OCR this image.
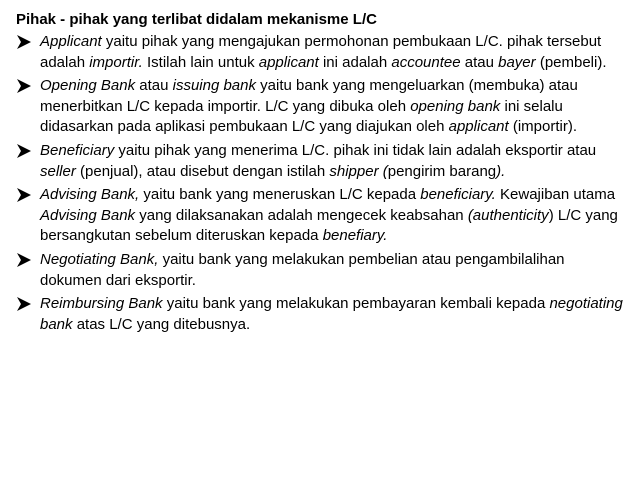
Pihak - pihak yang terlibat didalam mekanisme L/C
Applicant yaitu pihak yang mengajukan permohonan pembukaan L/C. pihak tersebut adalah importir. Istilah lain untuk applicant ini adalah accountee atau bayer (pembeli).
Opening Bank atau issuing bank yaitu bank yang mengeluarkan (membuka) atau menerbitkan L/C kepada importir. L/C yang dibuka oleh opening bank ini selalu didasarkan pada aplikasi pembukaan L/C yang diajukan oleh applicant (importir).
Beneficiary yaitu pihak yang menerima L/C. pihak ini tidak lain adalah eksportir atau seller (penjual), atau disebut dengan istilah shipper (pengirim barang).
Advising Bank, yaitu bank yang meneruskan L/C kepada beneficiary. Kewajiban utama Advising Bank yang dilaksanakan adalah mengecek keabsahan (authenticity) L/C yang bersangkutan sebelum diteruskan kepada benefiary.
Negotiating Bank, yaitu bank yang melakukan pembelian atau pengambilalihan dokumen dari eksportir.
Reimbursing Bank yaitu bank yang melakukan pembayaran kembali kepada negotiating bank atas L/C yang ditebusnya.
